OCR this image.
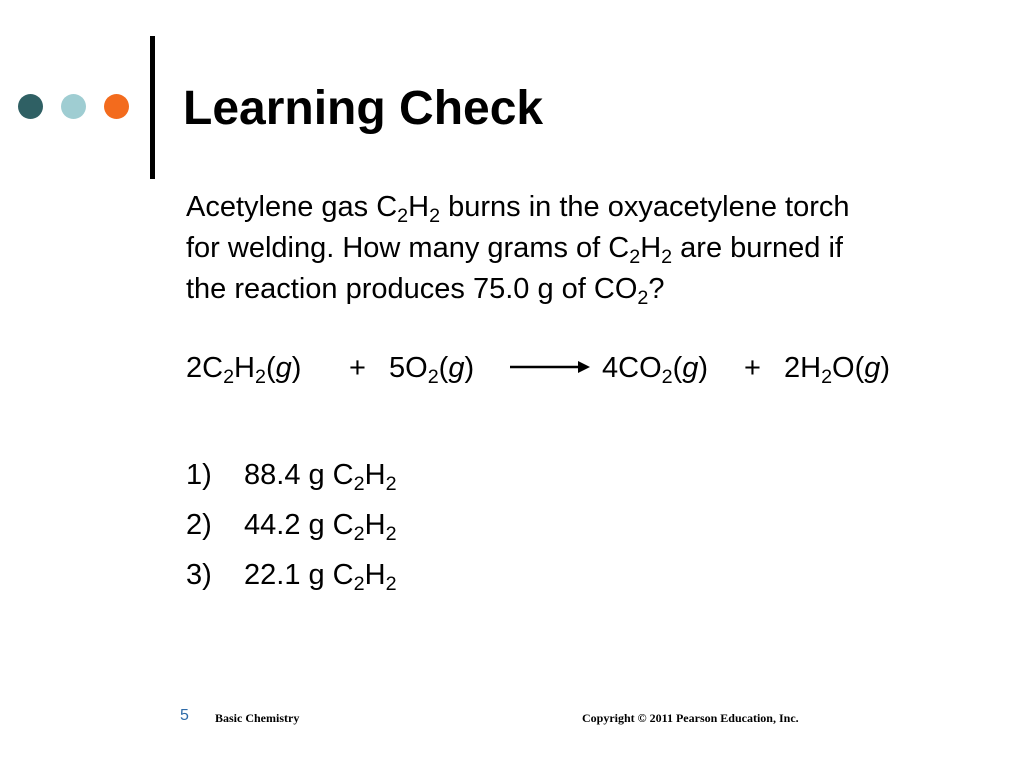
Learning Check
Acetylene gas $C_2H_2$ burns in the oxyacetylene torch
for welding. How many grams of $C_2H_2$ are burned if
the reaction produces 75.0 g of $CO_2$?
$2C_2H_2(g) + 5O_2(g)$	$4CO_2(g) + 2H_2O(g)$
1) 88.4 g $C_2H_2$
2) 44.2 g $C_2H_2$
3) 22.1 g $C_2H_2$
5 Basic Chemistry	Copyright © 2011 Pearson Education, Inc.
